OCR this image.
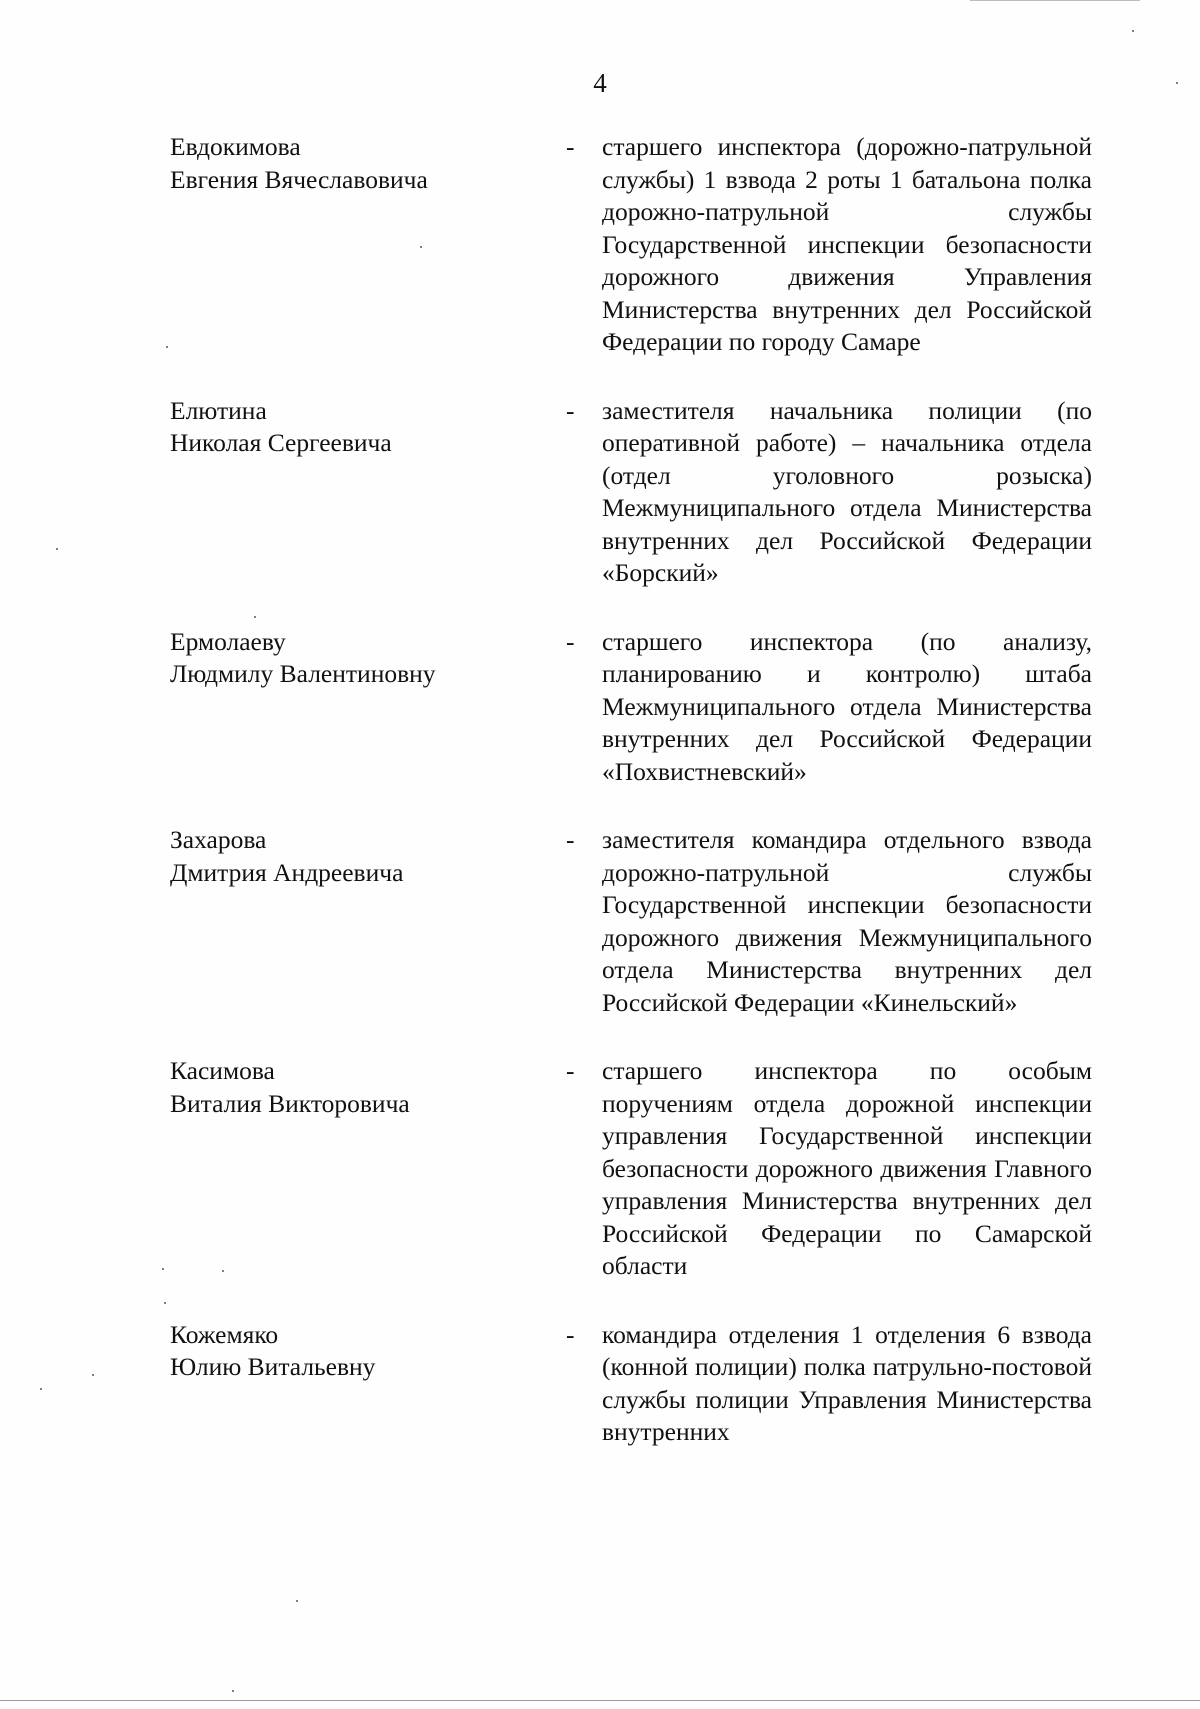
4
Евдокимова
Евгения Вячеславовича
-	старшего инспектора (дорожно-патрульной службы) 1 взвода 2 роты 1 батальона полка дорожно-патрульной службы Государственной инспекции безопасности дорожного движения Управления Министерства внутренних дел Российской Федерации по городу Самаре
Елютина
Николая Сергеевича
-	заместителя начальника полиции (по оперативной работе) – начальника отдела (отдел уголовного розыска) Межмуниципального отдела Министерства внутренних дел Российской Федерации «Борский»
Ермолаеву
Людмилу Валентиновну
-	старшего инспектора (по анализу, планированию и контролю) штаба Межмуниципального отдела Министерства внутренних дел Российской Федерации «Похвистневский»
Захарова
Дмитрия Андреевича
-	заместителя командира отдельного взвода дорожно-патрульной службы Государственной инспекции безопасности дорожного движения Межмуниципального отдела Министерства внутренних дел Российской Федерации «Кинельский»
Касимова
Виталия Викторовича
-	старшего инспектора по особым поручениям отдела дорожной инспекции управления Государственной инспекции безопасности дорожного движения Главного управления Министерства внутренних дел Российской Федерации по Самарской области
Кожемяко
Юлию Витальевну
-	командира отделения 1 отделения 6 взвода (конной полиции) полка патрульно-постовой службы полиции Управления Министерства внутренних
